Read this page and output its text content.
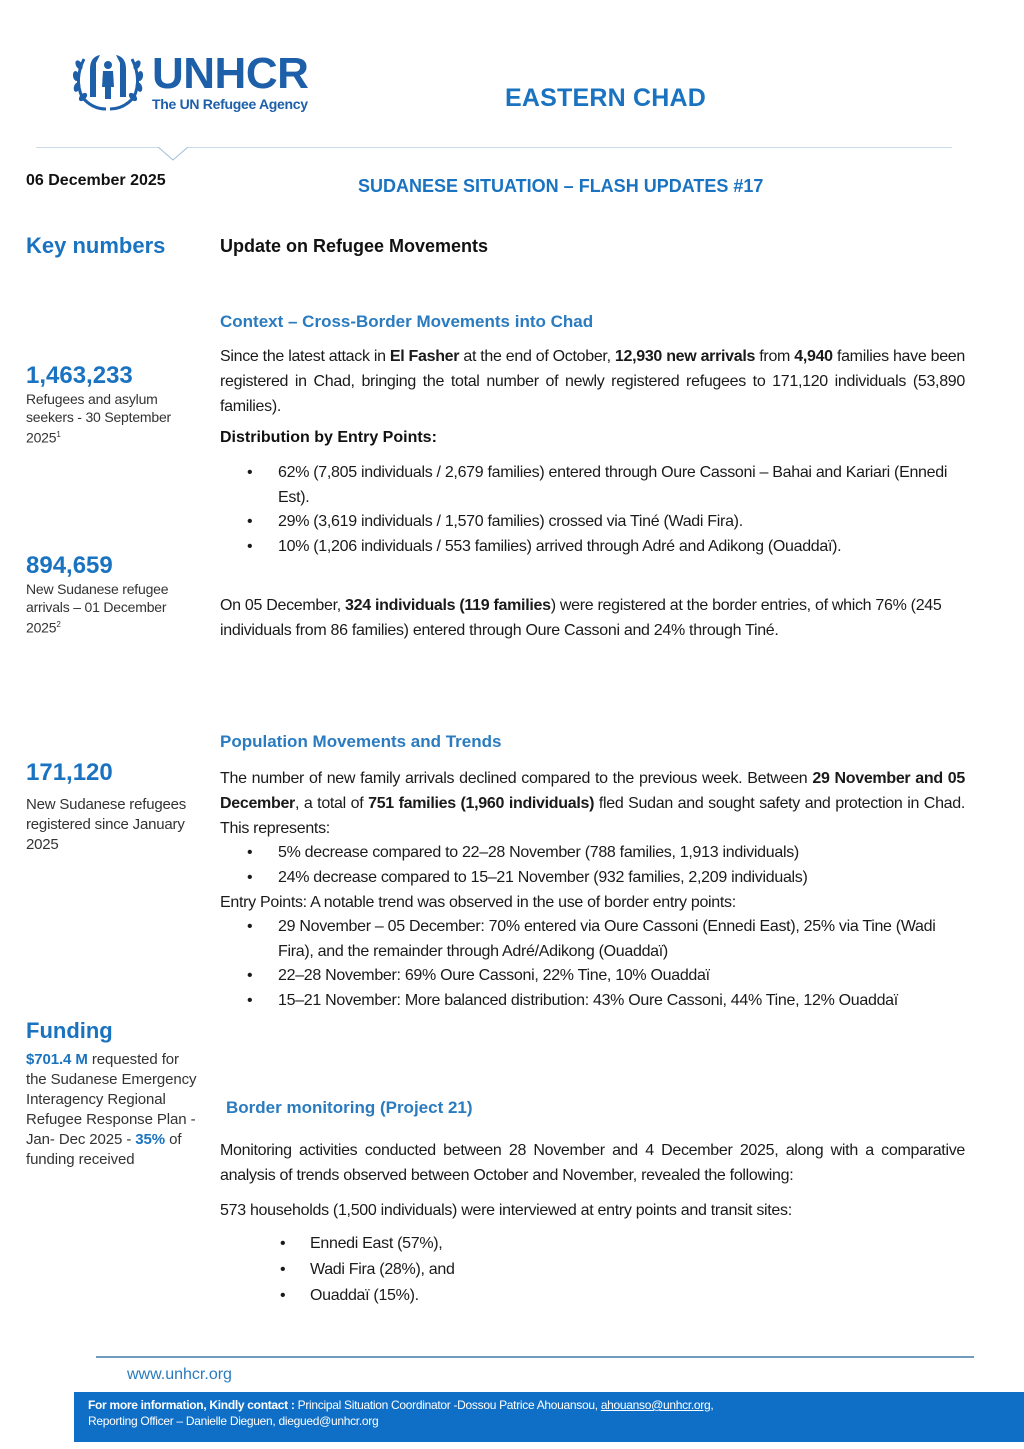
UNHCR
The UN Refugee Agency	EASTERN CHAD
06 December 2025	SUDANESE SITUATION – FLASH UPDATES #17
Key numbers
1,463,233
Refugees and asylum seekers - 30 September 2025$^1$
894,659
New Sudanese refugee arrivals – 01 December 2025$^2$
171,120
New Sudanese refugees registered since January 2025
Funding
$701.4 M requested for the Sudanese Emergency Interagency Regional Refugee Response Plan - Jan- Dec 2025 - 35% of funding received
Update on Refugee Movements
Context – Cross-Border Movements into Chad

Since the latest attack in El Fasher at the end of October, 12,930 new arrivals from 4,940 families have been registered in Chad, bringing the total number of newly registered refugees to 171,120 individuals (53,890 families).

Distribution by Entry Points:
• 62% (7,805 individuals / 2,679 families) entered through Oure Cassoni – Bahai and Kariari (Ennedi Est).
• 29% (3,619 individuals / 1,570 families) crossed via Tiné (Wadi Fira).
• 10% (1,206 individuals / 553 families) arrived through Adré and Adikong (Ouaddaï).

On 05 December, 324 individuals (119 families) were registered at the border entries, of which 76% (245 individuals from 86 families) entered through Oure Cassoni and 24% through Tiné.

Population Movements and Trends

The number of new family arrivals declined compared to the previous week. Between 29 November and 05 December, a total of 751 families (1,960 individuals) fled Sudan and sought safety and protection in Chad. This represents:

• 5% decrease compared to 22–28 November (788 families, 1,913 individuals)
• 24% decrease compared to 15–21 November (932 families, 2,209 individuals)
Entry Points: A notable trend was observed in the use of border entry points:
• 29 November – 05 December: 70% entered via Oure Cassoni (Ennedi East), 25% via Tine (Wadi Fira), and the remainder through Adré/Adikong (Ouaddaï)
• 22–28 November: 69% Oure Cassoni, 22% Tine, 10% Ouaddaï
• 15–21 November: More balanced distribution: 43% Oure Cassoni, 44% Tine, 12% Ouaddaï
Border monitoring (Project 21)

Monitoring activities conducted between 28 November and 4 December 2025, along with a comparative analysis of trends observed between October and November, revealed the following:

573 households (1,500 individuals) were interviewed at entry points and transit sites:

• Ennedi East (57%),
• Wadi Fira (28%), and
• Ouaddaï (15%).
www.unhcr.org
For more information, Kindly contact : Principal Situation Coordinator -Dossou Patrice Ahouansou, ahouanso@unhcr.org,
Reporting Officer – Danielle Dieguen, diegued@unhcr.org
